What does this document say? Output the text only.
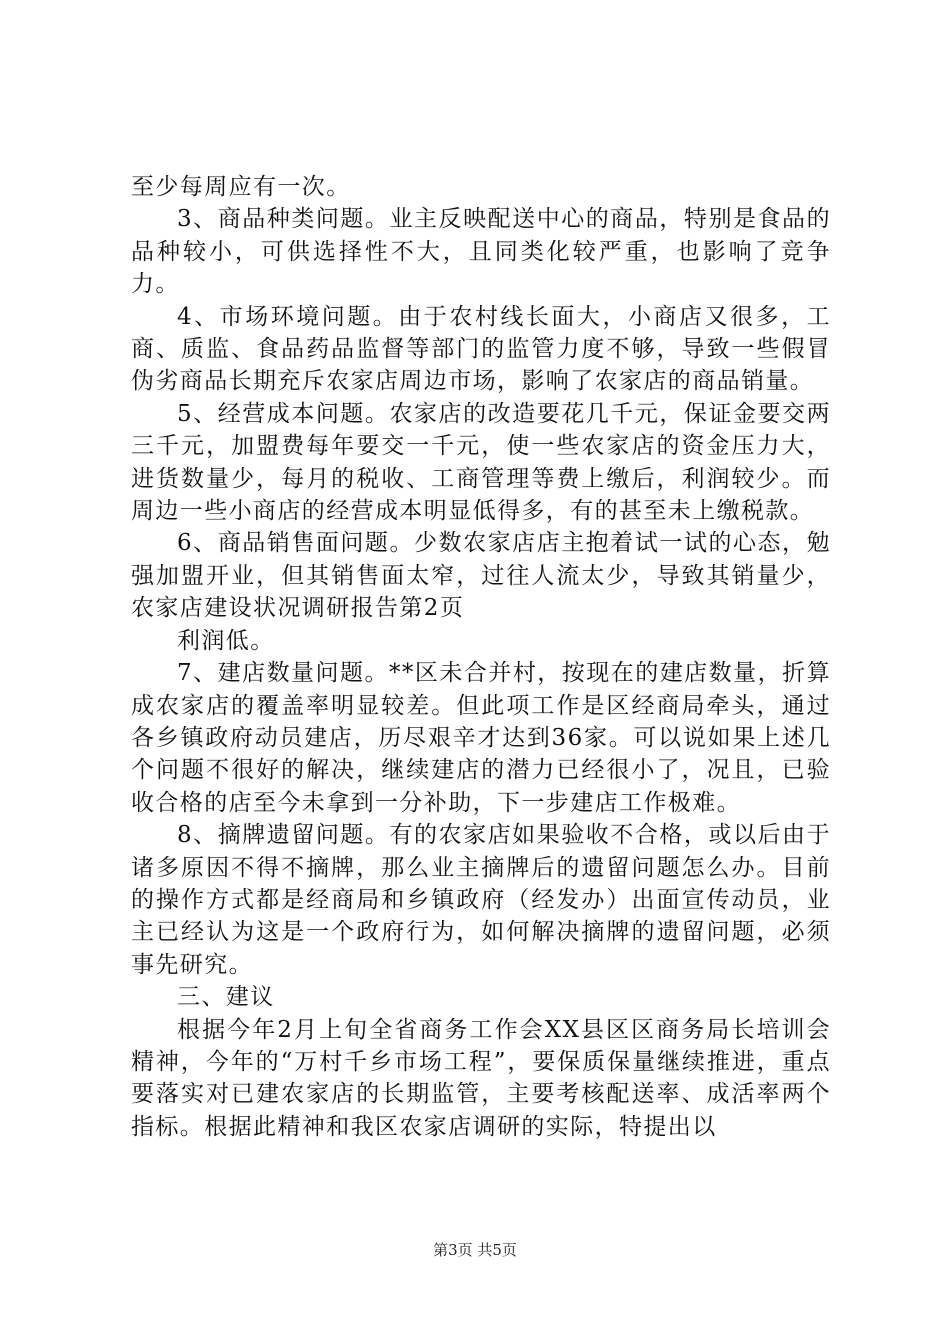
至少每周应有一次。

3、商品种类问题。业主反映配送中心的商品，特别是食品的品种较小，可供选择性不大，且同类化较严重，也影响了竞争力。

4、市场环境问题。由于农村线长面大，小商店又很多，工商、质监、食品药品监督等部门的监管力度不够，导致一些假冒伪劣商品长期充斥农家店周边市场，影响了农家店的商品销量。

5、经营成本问题。农家店的改造要花几千元，保证金要交两三千元，加盟费每年要交一千元，使一些农家店的资金压力大，进货数量少，每月的税收、工商管理等费上缴后，利润较少。而周边一些小商店的经营成本明显低得多，有的甚至未上缴税款。

6、商品销售面问题。少数农家店店主抱着试一试的心态，勉强加盟开业，但其销售面太窄，过往人流太少，导致其销量少，农家店建设状况调研报告第2页

利润低。

7、建店数量问题。**区未合并村，按现在的建店数量，折算成农家店的覆盖率明显较差。但此项工作是区经商局牵头，通过各乡镇政府动员建店，历尽艰辛才达到36家。可以说如果上述几个问题不很好的解决，继续建店的潜力已经很小了，况且，已验收合格的店至今未拿到一分补助，下一步建店工作极难。

8、摘牌遗留问题。有的农家店如果验收不合格，或以后由于诸多原因不得不摘牌，那么业主摘牌后的遗留问题怎么办。目前的操作方式都是经商局和乡镇政府（经发办）出面宣传动员，业主已经认为这是一个政府行为，如何解决摘牌的遗留问题，必须事先研究。

三、建议

根据今年2月上旬全省商务工作会XX县区区商务局长培训会精神，今年的“万村千乡市场工程”，要保质保量继续推进，重点要落实对已建农家店的长期监管，主要考核配送率、成活率两个指标。根据此精神和我区农家店调研的实际，特提出以

第3页 共5页
